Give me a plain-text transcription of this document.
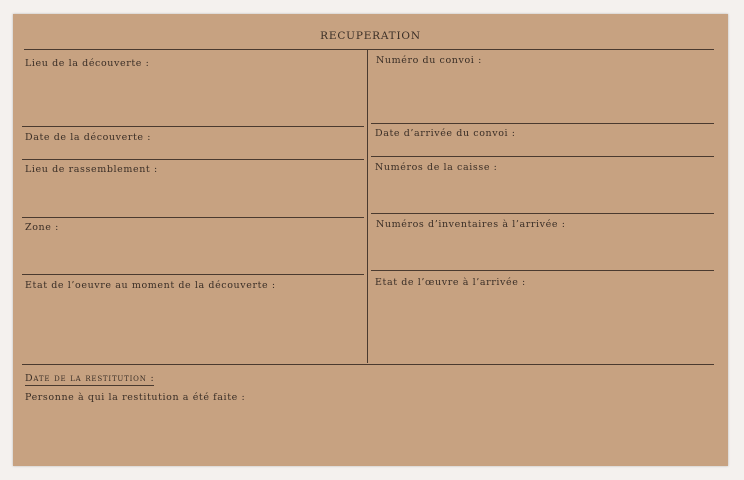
RECUPERATION
Lieu de la découverte :
Date de la découverte :
Lieu de rassemblement :
Zone :
Etat de l’oeuvre au moment de la découverte :
Numéro du convoi :
Date d’arrivée du convoi :
Numéros de la caisse :
Numéros d’inventaires à l’arrivée :
Etat de l’œuvre à l’arrivée :
Date de la restitution :
Personne à qui la restitution a été faite :
